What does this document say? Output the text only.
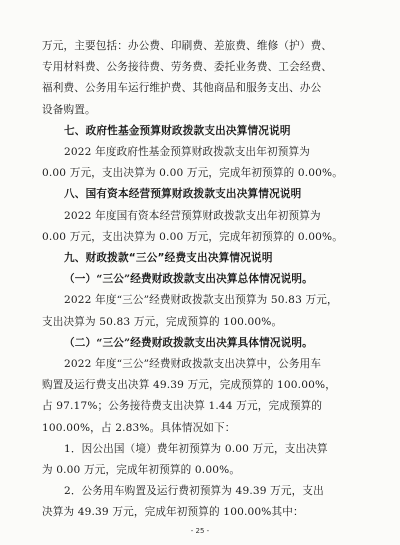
万元，主要包括：办公费、印刷费、差旅费、维修（护）费、
专用材料费、公务接待费、劳务费、委托业务费、工会经费、
福利费、公务用车运行维护费、其他商品和服务支出、办公
设备购置。
七、政府性基金预算财政拨款支出决算情况说明
2022 年度政府性基金预算财政拨款支出年初预算为
0.00 万元，支出决算为 0.00 万元，完成年初预算的 0.00%。
八、国有资本经营预算财政拨款支出决算情况说明
2022 年度国有资本经营预算财政拨款支出年初预算为
0.00 万元，支出决算为 0.00 万元，完成年初预算的 0.00%。
九、财政拨款“三公”经费支出决算情况说明
（一）“三公”经费财政拨款支出决算总体情况说明。
2022 年度“三公”经费财政拨款支出预算为 50.83 万元，
支出决算为 50.83 万元，完成预算的 100.00%。
（二）“三公”经费财政拨款支出决算具体情况说明。
2022 年度“三公”经费财政拨款支出决算中，公务用车
购置及运行费支出决算 49.39 万元，完成预算的 100.00%，
占 97.17%；公务接待费支出决算 1.44 万元，完成预算的
100.00%，占 2.83%。具体情况如下：
1．因公出国（境）费年初预算为 0.00 万元，支出决算
为 0.00 万元，完成年初预算的 0.00%。
2．公务用车购置及运行费初预算为 49.39 万元，支出
决算为 49.39 万元，完成年初预算的 100.00%其中：
- 25 -
